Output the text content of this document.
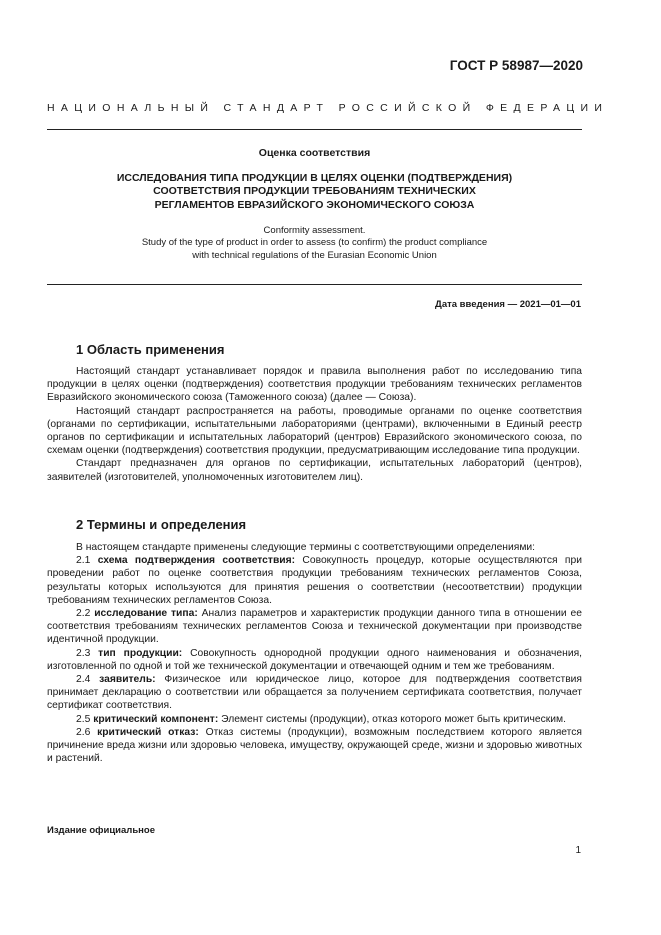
ГОСТ Р 58987—2020
НАЦИОНАЛЬНЫЙ СТАНДАРТ РОССИЙСКОЙ ФЕДЕРАЦИИ
Оценка соответствия
ИССЛЕДОВАНИЯ ТИПА ПРОДУКЦИИ В ЦЕЛЯХ ОЦЕНКИ (ПОДТВЕРЖДЕНИЯ)
СООТВЕТСТВИЯ ПРОДУКЦИИ ТРЕБОВАНИЯМ ТЕХНИЧЕСКИХ
РЕГЛАМЕНТОВ ЕВРАЗИЙСКОГО ЭКОНОМИЧЕСКОГО СОЮЗА
Conformity assessment.
Study of the type of product in order to assess (to confirm) the product compliance
with technical regulations of the Eurasian Economic Union
Дата введения — 2021—01—01
1 Область применения

Настоящий стандарт устанавливает порядок и правила выполнения работ по исследованию типа продукции в целях оценки (подтверждения) соответствия продукции требованиям технических регламентов Евразийского экономического союза (Таможенного союза) (далее — Союза).

Настоящий стандарт распространяется на работы, проводимые органами по оценке соответствия (органами по сертификации, испытательными лабораториями (центрами), включенными в Единый реестр органов по сертификации и испытательных лабораторий (центров) Евразийского экономического союза, по схемам оценки (подтверждения) соответствия продукции, предусматривающим исследование типа продукции.

Стандарт предназначен для органов по сертификации, испытательных лабораторий (центров), заявителей (изготовителей, уполномоченных изготовителем лиц).

2 Термины и определения

В настоящем стандарте применены следующие термины с соответствующими определениями:

2.1 схема подтверждения соответствия: Совокупность процедур, которые осуществляются при проведении работ по оценке соответствия продукции требованиям технических регламентов Союза, результаты которых используются для принятия решения о соответствии (несоответствии) продукции требованиям технических регламентов Союза.

2.2 исследование типа: Анализ параметров и характеристик продукции данного типа в отношении ее соответствия требованиям технических регламентов Союза и технической документации при производстве идентичной продукции.

2.3 тип продукции: Совокупность однородной продукции одного наименования и обозначения, изготовленной по одной и той же технической документации и отвечающей одним и тем же требованиям.

2.4 заявитель: Физическое или юридическое лицо, которое для подтверждения соответствия принимает декларацию о соответствии или обращается за получением сертификата соответствия, получает сертификат соответствия.

2.5 критический компонент: Элемент системы (продукции), отказ которого может быть критическим.

2.6 критический отказ: Отказ системы (продукции), возможным последствием которого является причинение вреда жизни или здоровью человека, имуществу, окружающей среде, жизни и здоровью животных и растений.

Издание официальное
1
